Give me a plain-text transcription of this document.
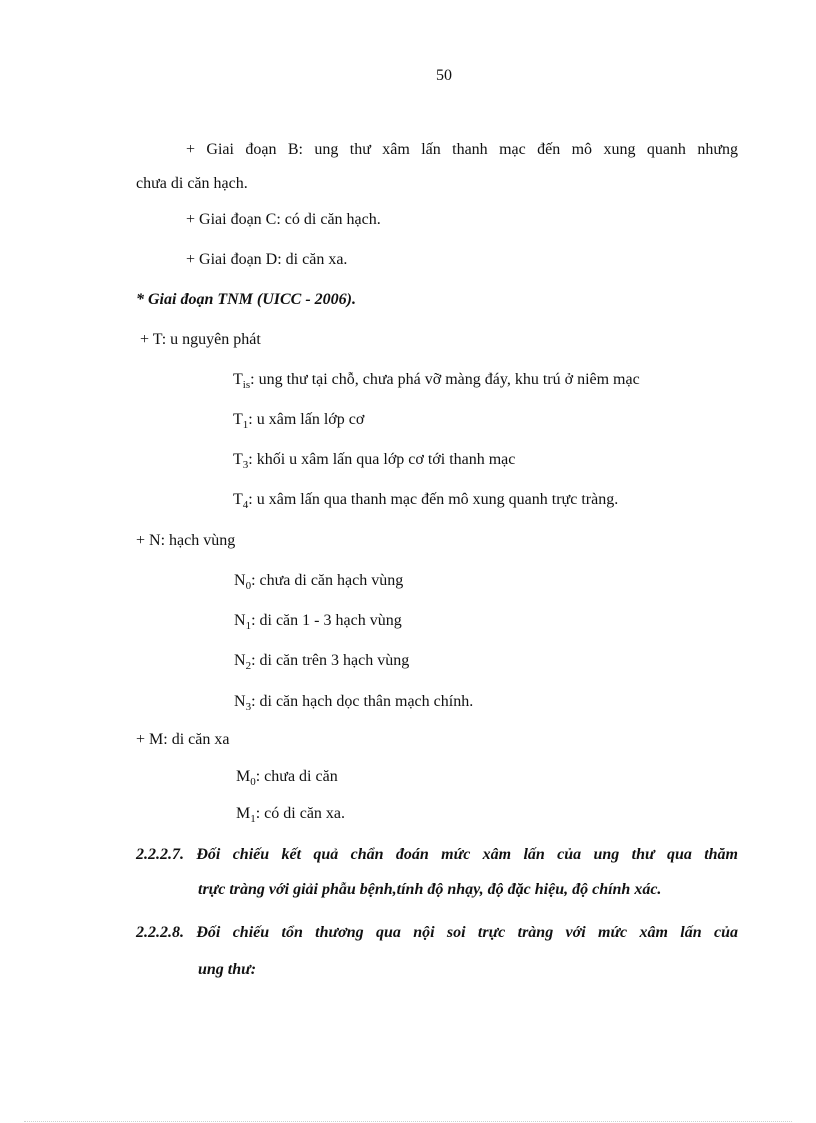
50
+ Giai đoạn B: ung thư xâm lấn thanh mạc đến mô xung quanh nhưng
chưa di căn hạch.
+ Giai đoạn C: có di căn hạch.
+ Giai đoạn D: di căn xa.
* Giai đoạn TNM (UICC - 2006).
+ T: u nguyên phát
$T_{is}$: ung thư tại chỗ, chưa phá vỡ màng đáy, khu trú ở niêm mạc
$T_1$: u xâm lấn lớp cơ
$T_3$: khối u xâm lấn qua lớp cơ tới thanh mạc
$T_4$: u xâm lấn qua thanh mạc đến mô xung quanh trực tràng.
+ N: hạch vùng
$N_0$: chưa di căn hạch vùng
$N_1$: di căn 1 - 3 hạch vùng
$N_2$: di căn trên 3 hạch vùng
$N_3$: di căn hạch dọc thân mạch chính.
+ M: di căn xa
$M_0$: chưa di căn
$M_1$: có di căn xa.
2.2.2.7. Đối chiếu kết quả chẩn đoán mức xâm lấn của ung thư qua thăm
trực tràng với giải phẫu bệnh,tính độ nhạy, độ đặc hiệu, độ chính xác.
2.2.2.8. Đối chiếu tổn thương qua nội soi trực tràng với mức xâm lấn của
ung thư:
